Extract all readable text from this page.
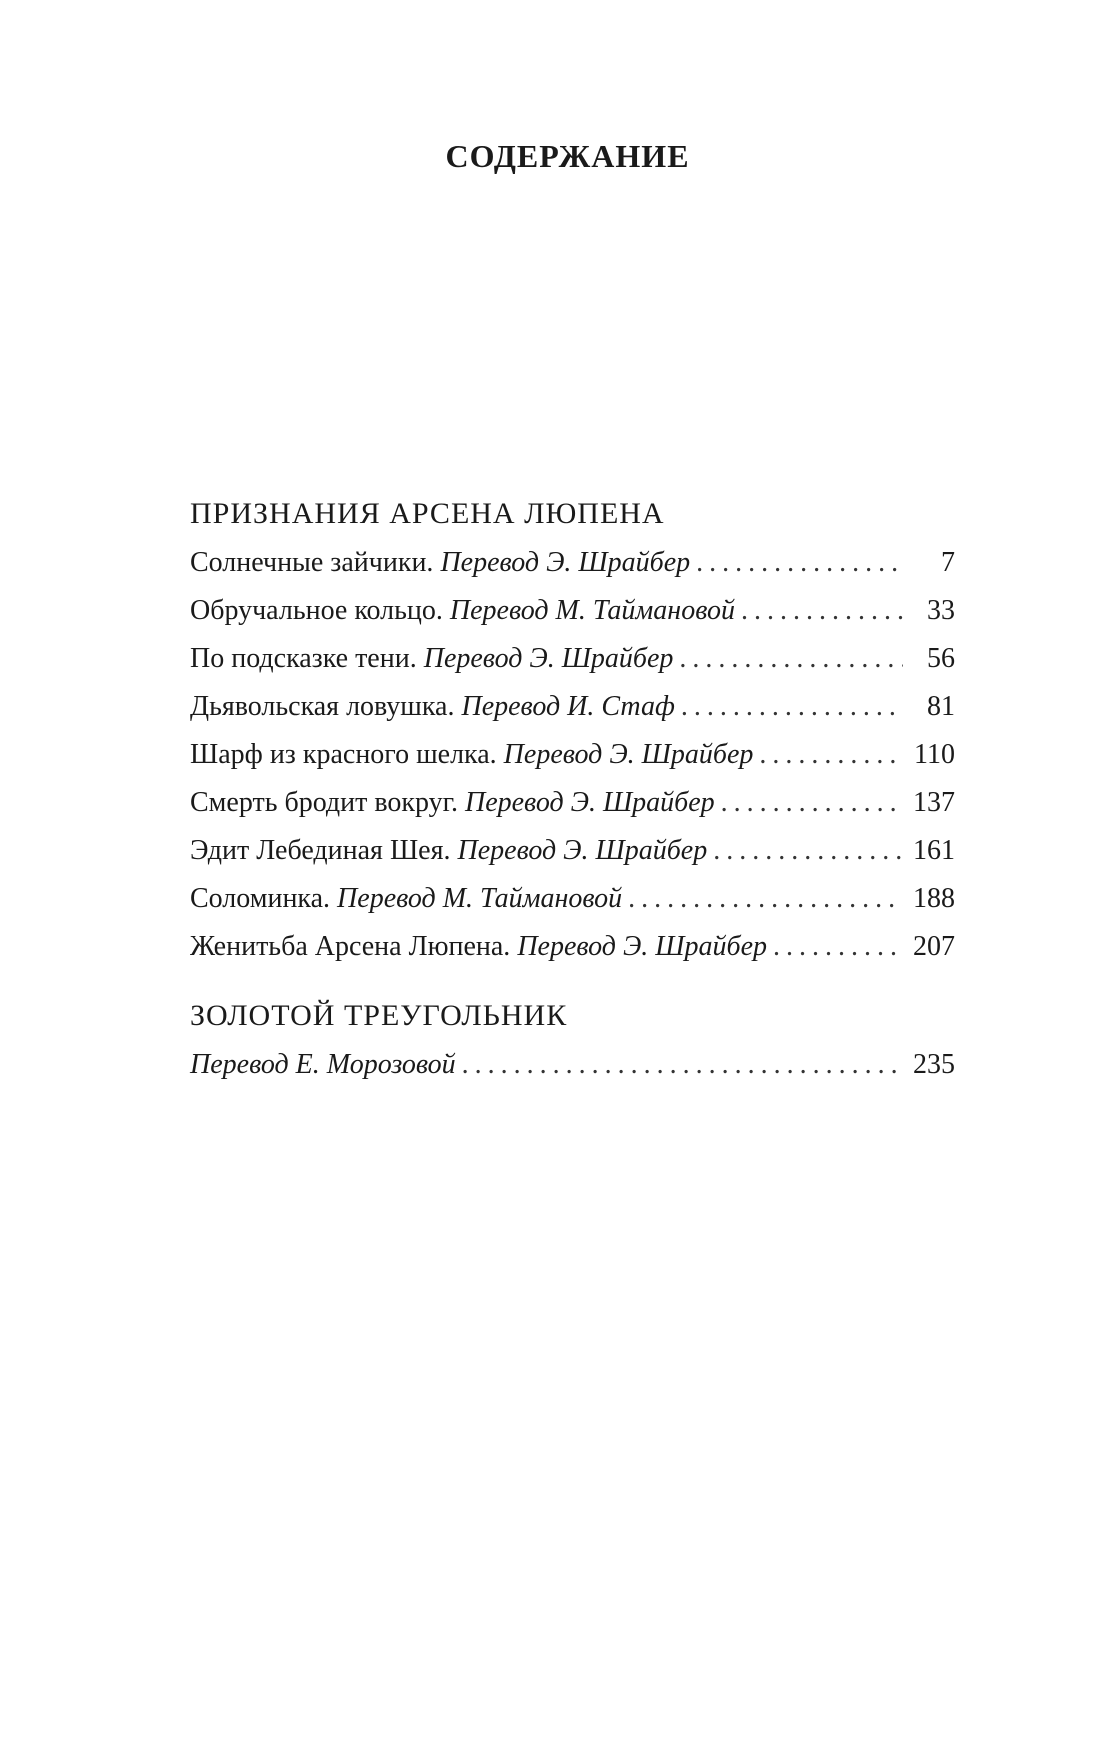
СОДЕРЖАНИЕ
ПРИЗНАНИЯ АРСЕНА ЛЮПЕНА
Солнечные зайчики. Перевод Э. Шрайбер . . .	7
Обручальное кольцо. Перевод М. Таймановой . . .	33
По подсказке тени. Перевод Э. Шрайбер . . .	56
Дьявольская ловушка. Перевод И. Стаф . . .	81
Шарф из красного шелка. Перевод Э. Шрайбер . . .	110
Смерть бродит вокруг. Перевод Э. Шрайбер . . .	137
Эдит Лебединая Шея. Перевод Э. Шрайбер . . .	161
Соломинка. Перевод М. Таймановой . . .	188
Женитьба Арсена Люпена. Перевод Э. Шрайбер . . .	207
ЗОЛОТОЙ ТРЕУГОЛЬНИК
Перевод Е. Морозовой . . .	235
